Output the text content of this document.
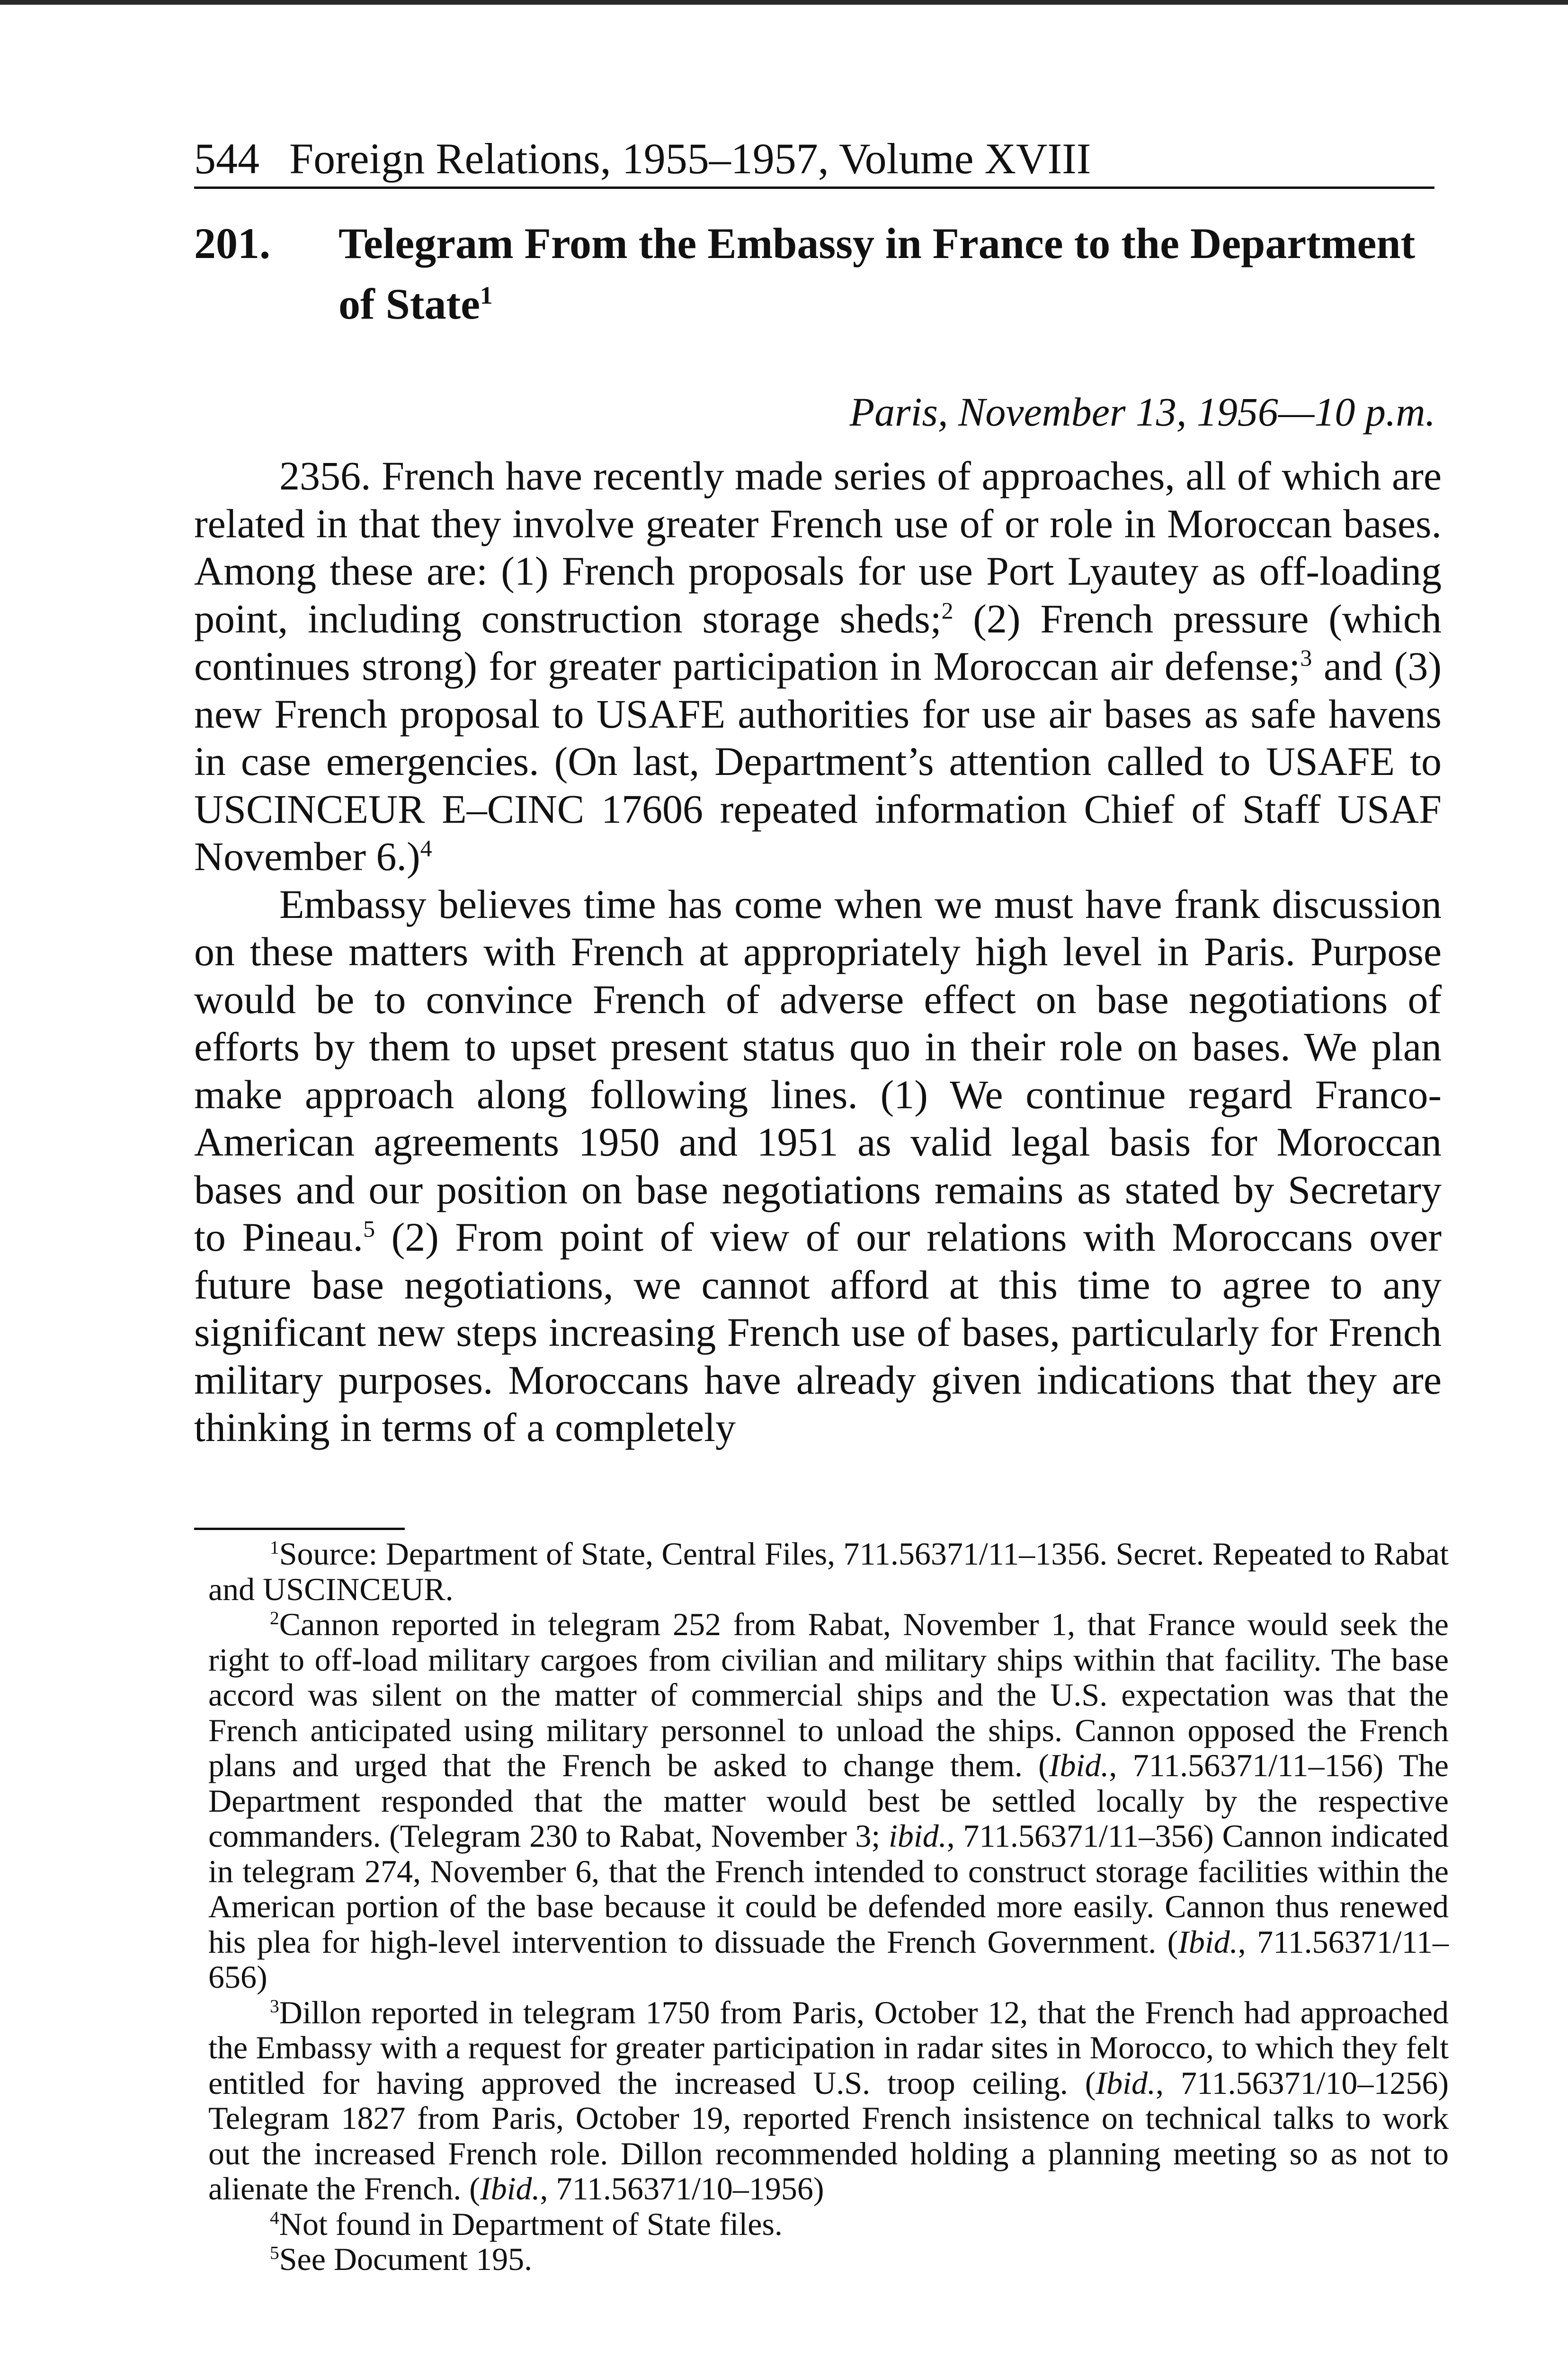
544 Foreign Relations, 1955–1957, Volume XVIII
201. Telegram From the Embassy in France to the Department of State$^1$
Paris, November 13, 1956—10 p.m.

2356. French have recently made series of approaches, all of which are related in that they involve greater French use of or role in Moroccan bases. Among these are: (1) French proposals for use Port Lyautey as off-loading point, including construction storage sheds;$^2$ (2) French pressure (which continues strong) for greater participation in Moroccan air defense;$^3$ and (3) new French proposal to USAFE authorities for use air bases as safe havens in case emergencies. (On last, Department’s attention called to USAFE to USCINCEUR E–CINC 17606 repeated information Chief of Staff USAF November 6.)$^4$

Embassy believes time has come when we must have frank discussion on these matters with French at appropriately high level in Paris. Purpose would be to convince French of adverse effect on base negotiations of efforts by them to upset present status quo in their role on bases. We plan make approach along following lines. (1) We continue regard Franco-American agreements 1950 and 1951 as valid legal basis for Moroccan bases and our position on base negotiations remains as stated by Secretary to Pineau.$^5$ (2) From point of view of our relations with Moroccans over future base negotiations, we cannot afford at this time to agree to any significant new steps increasing French use of bases, particularly for French military purposes. Moroccans have already given indications that they are thinking in terms of a completely

$^1$Source: Department of State, Central Files, 711.56371/11–1356. Secret. Repeated to Rabat and USCINCEUR.

$^2$Cannon reported in telegram 252 from Rabat, November 1, that France would seek the right to off-load military cargoes from civilian and military ships within that facility. The base accord was silent on the matter of commercial ships and the U.S. expectation was that the French anticipated using military personnel to unload the ships. Cannon opposed the French plans and urged that the French be asked to change them. (Ibid., 711.56371/11–156) The Department responded that the matter would best be settled locally by the respective commanders. (Telegram 230 to Rabat, November 3; ibid., 711.56371/11–356) Cannon indicated in telegram 274, November 6, that the French intended to construct storage facilities within the American portion of the base because it could be defended more easily. Cannon thus renewed his plea for high-level intervention to dissuade the French Government. (Ibid., 711.56371/11–656)

$^3$Dillon reported in telegram 1750 from Paris, October 12, that the French had approached the Embassy with a request for greater participation in radar sites in Morocco, to which they felt entitled for having approved the increased U.S. troop ceiling. (Ibid., 711.56371/10–1256) Telegram 1827 from Paris, October 19, reported French insistence on technical talks to work out the increased French role. Dillon recommended holding a planning meeting so as not to alienate the French. (Ibid., 711.56371/10–1956)

$^4$Not found in Department of State files.

$^5$See Document 195.
